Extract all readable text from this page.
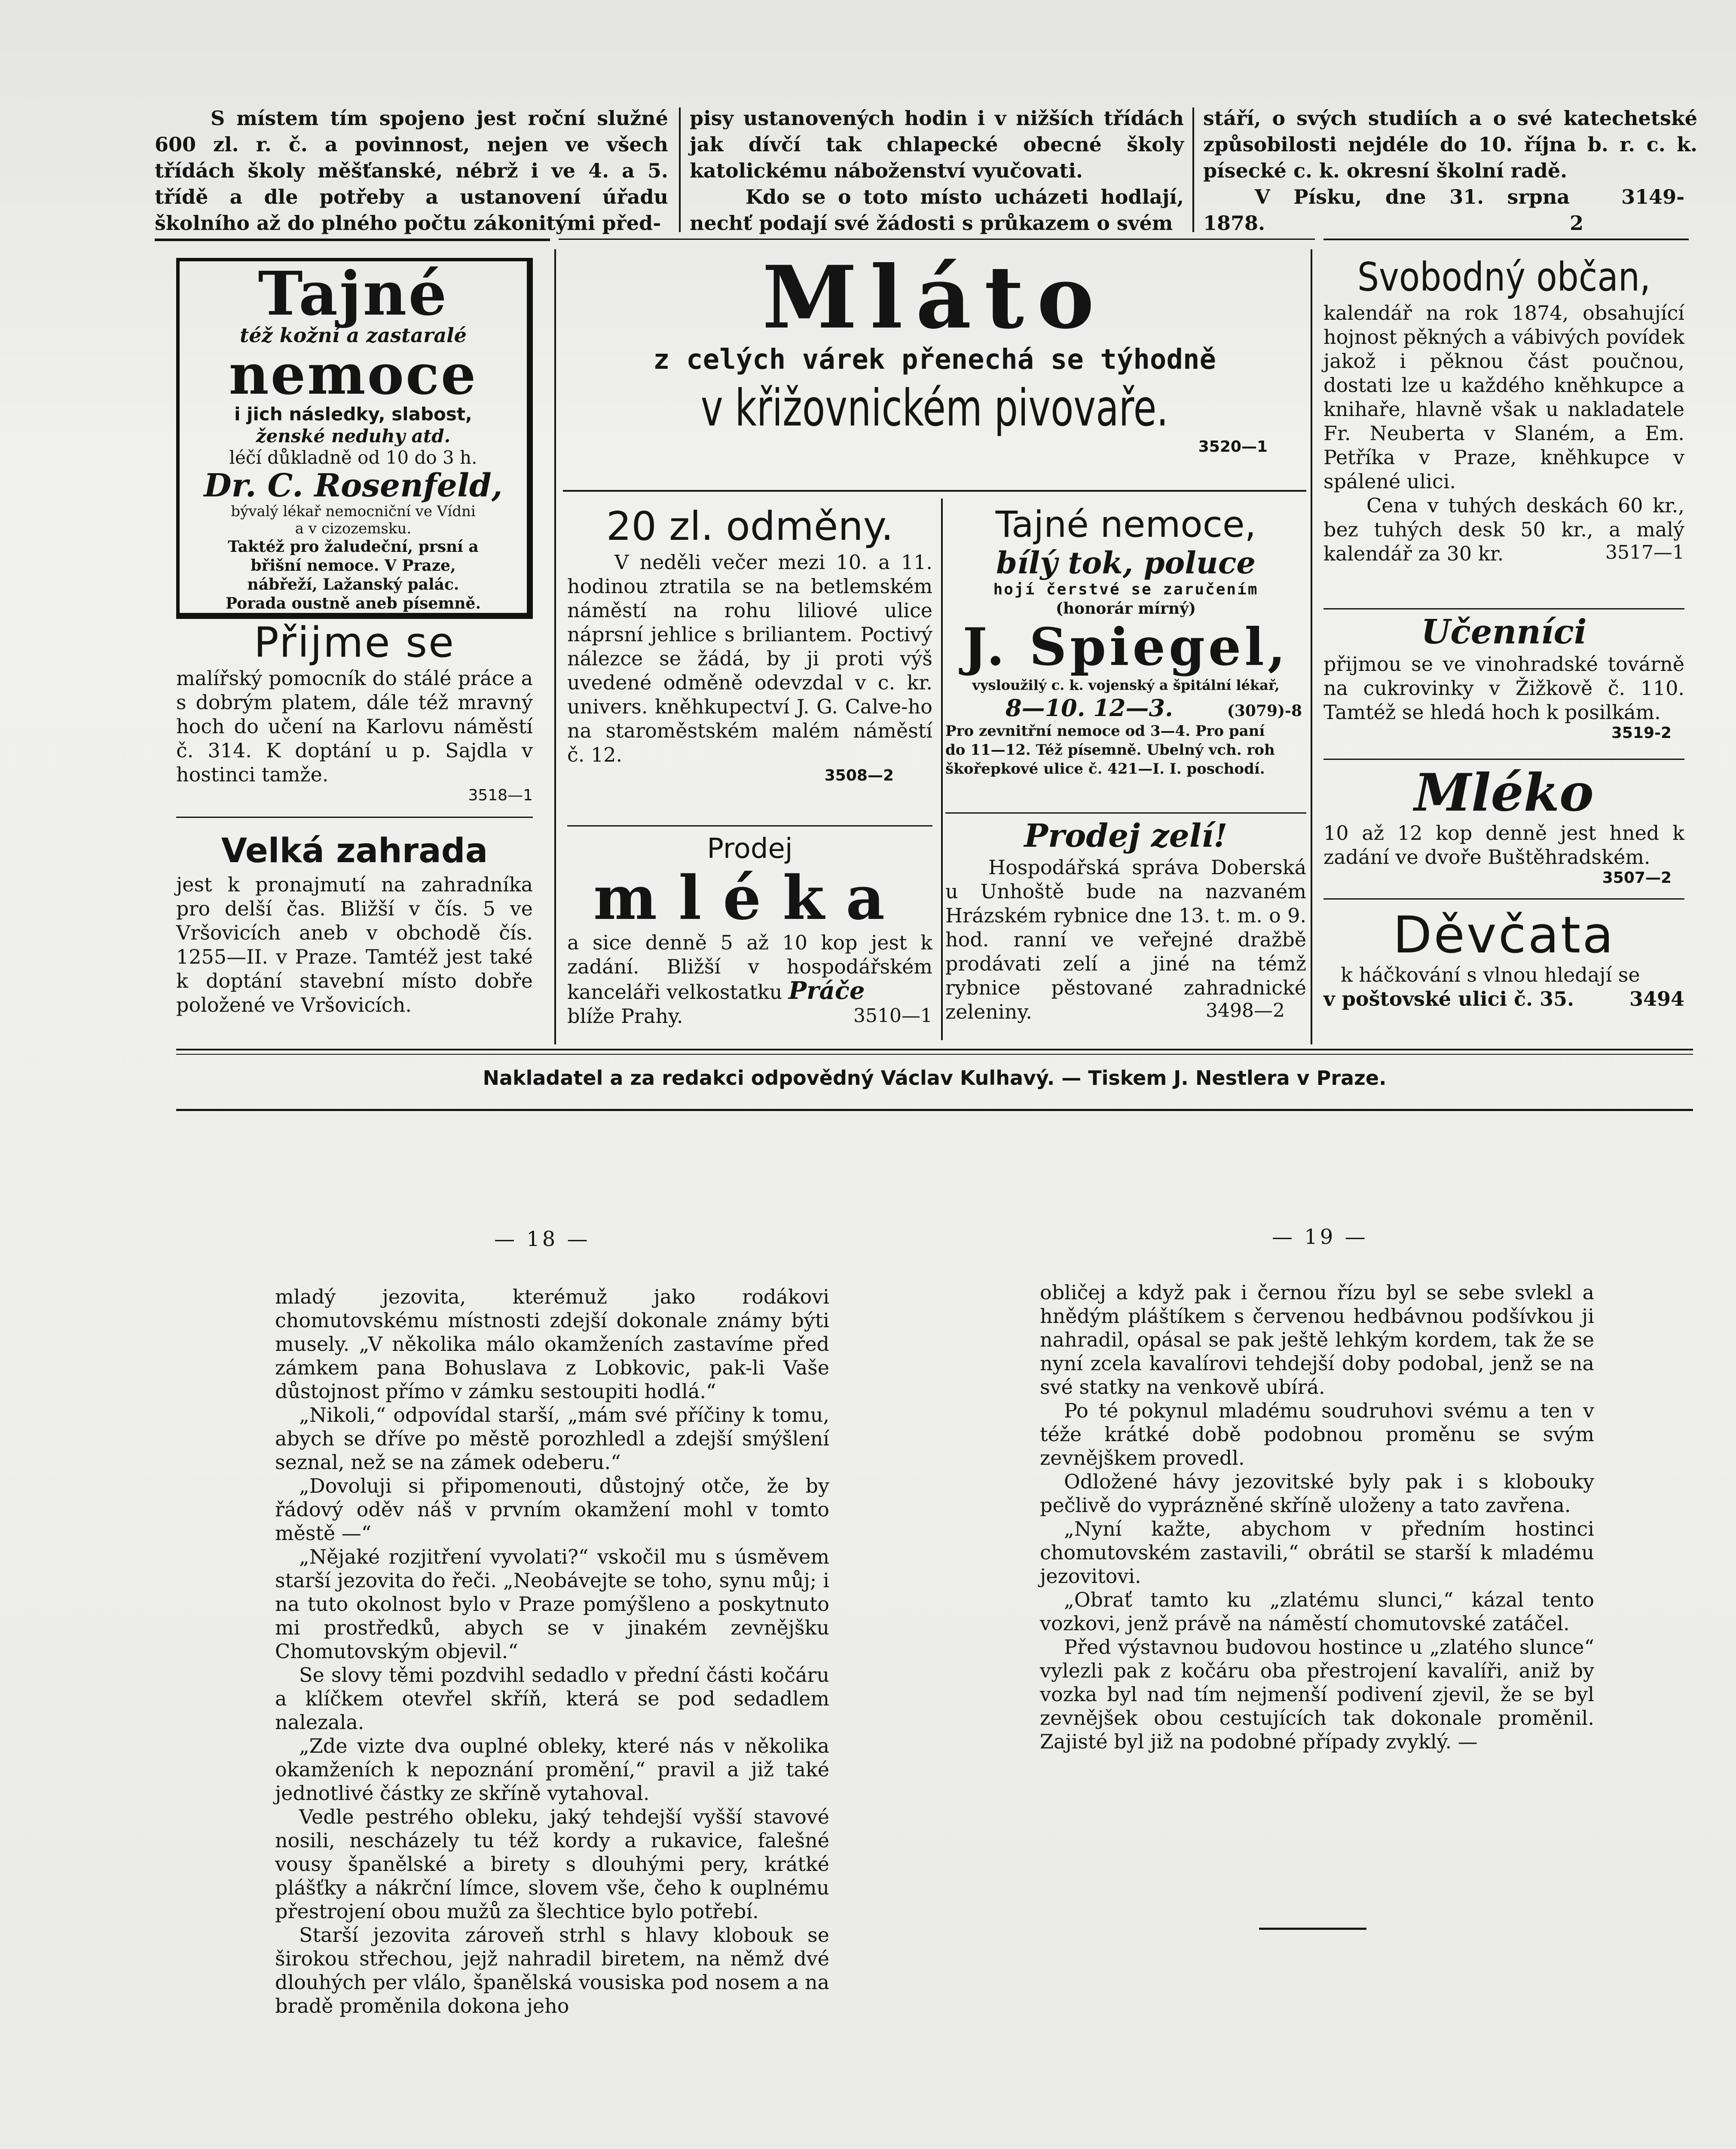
S místem tím spojeno jest roční služné 600 zl. r. č. a povinnost, nejen ve všech třídách školy měšťanské, nébrž i ve 4. a 5. třídě a dle potřeby a ustanovení úřadu školního až do plného počtu zákonitými před-

pisy ustanovených hodin i v nižších třídách jak dívčí tak chlapecké obecné školy katolickému náboženství vyučovati.

Kdo se o toto místo ucházeti hodlají, nechť podají své žádosti s průkazem o svém

stáří, o svých studiích a o své katechetské způsobilosti nejdéle do 10. října b. r. c. k. písecké c. k. okresní školní radě.

V Písku, dne 31. srpna 1878.
3149-2

Tajné
též kožní a zastaralé
nemoce
i jich následky, slabost,
ženské neduhy atd.
léčí důkladně od 10 do 3 h.
Dr. C. Rosenfeld,
bývalý lékař nemocniční ve Vídni
a v cizozemsku.
Taktéž pro žaludeční, prsní a
břišní nemoce. V Praze,
nábřeží, Lažanský palác.
Porada oustně aneb písemně.
Přijme se

malířský pomocník do stálé práce a s dobrým platem, dále též mravný hoch do učení na Karlovu náměstí č. 314. K doptání u p. Sajdla v hostinci tamže.

3518—1
Velká zahrada

jest k pronajmutí na zahradníka pro delší čas. Bližší v čís. 5 ve Vršovicích aneb v obchodě čís. 1255—II. v Praze. Tamtéž jest také k doptání stavební místo dobře položené ve Vršovicích.

Mláto
z celých várek přenechá se týhodně
v křižovnickém pivovaře.
3520—1
20 zl. odměny.

V neděli večer mezi 10. a 11. hodinou ztratila se na betlemském náměstí na rohu liliové ulice náprsní jehlice s briliantem. Poctivý nálezce se žádá, by ji proti výš uvedené odměně odevzdal v c. kr. univers. kněhkupectví J. G. Calve-ho na staroměstském malém náměstí č. 12.

3508—2
Prodej
mléka

a sice denně 5 až 10 kop jest k zadání. Bližší v hospodářském kanceláři velkostatku Práče

blíže Prahy.	3510—1
Tajné nemoce,
bílý tok, poluce
hojí čerstvé se zaručením
(honorár mírný)
J. Spiegel,
vysloužilý c. k. vojenský a špitální lékař,
8—10. 12—3.	(3079)-8
Pro zevnitřní nemoce od 3—4. Pro paní
do 11—12. Též písemně. Ubelný vch. roh
škořepkové ulice č. 421—I. I. poschodí.
Prodej zelí!

Hospodářská správa Doberská u Unhoště bude na nazvaném Hrázském rybnice dne 13. t. m. o 9. hod. ranní ve veřejné dražbě prodávati zelí a jiné na témž rybnice pěstované zahradnické zeleniny.	3498—2
Svobodný občan,

kalendář na rok 1874, obsahující hojnost pěkných a vábivých povídek jakož i pěknou část poučnou, dostati lze u každého kněhkupce a knihaře, hlavně však u nakladatele Fr. Neuberta v Slaném, a Em. Petříka v Praze, kněhkupce v spálené ulici.

Cena v tuhých deskách 60 kr., bez tuhých desk 50 kr., a malý kalendář za 30 kr.	3517—1
Učenníci

přijmou se ve vinohradské továrně na cukrovinky v Žižkově č. 110. Tamtéž se hledá hoch k posilkám.

3519-2
Mléko

10 až 12 kop denně jest hned k zadání ve dvoře Buštěhradském.

3507—2
Děvčata

k háčkování s vlnou hledají se

v poštovské ulici č. 35.	3494
Nakladatel a za redakci odpovědný Václav Kulhavý. — Tiskem J. Nestlera v Praze.
— 18 —	— 19 —

mladý jezovita, kterémuž jako rodákovi chomutovskému místnosti zdejší dokonale známy býti musely. „V několika málo okamženích zastavíme před zámkem pana Bohuslava z Lobkovic, pak-li Vaše důstojnost přímo v zámku sestoupiti hodlá.“

„Nikoli,“ odpovídal starší, „mám své příčiny k tomu, abych se dříve po městě porozhledl a zdejší smýšlení seznal, než se na zámek odeberu.“

„Dovoluji si připomenouti, důstojný otče, že by řádový oděv náš v prvním okamžení mohl v tomto městě —“

„Nějaké rozjitření vyvolati?“ vskočil mu s úsměvem starší jezovita do řeči. „Neobávejte se toho, synu můj; i na tuto okolnost bylo v Praze pomýšleno a poskytnuto mi prostředků, abych se v jinakém zevnějšku Chomutovským objevil.“

Se slovy těmi pozdvihl sedadlo v přední části kočáru a klíčkem otevřel skříň, která se pod sedadlem nalezala.

„Zde vizte dva ouplné obleky, které nás v několika okamženích k nepoznání promění,“ pravil a již také jednotlivé částky ze skříně vytahoval.

Vedle pestrého obleku, jaký tehdejší vyšší stavové nosili, nescházely tu též kordy a rukavice, falešné vousy španělské a birety s dlouhými pery, krátké plášťky a nákrční límce, slovem vše, čeho k ouplnému přestrojení obou mužů za šlechtice bylo potřebí.

Starší jezovita zároveň strhl s hlavy klobouk se širokou střechou, jejž nahradil biretem, na němž dvé dlouhých per vlálo, španělská vousiska pod nosem a na bradě proměnila dokona jeho

obličej a když pak i černou řízu byl se sebe svlekl a hnědým pláštíkem s červenou hedbávnou podšívkou ji nahradil, opásal se pak ještě lehkým kordem, tak že se nyní zcela kavalírovi tehdejší doby podobal, jenž se na své statky na venkově ubírá.

Po té pokynul mladému soudruhovi svému a ten v téže krátké době podobnou proměnu se svým zevnějškem provedl.

Odložené hávy jezovitské byly pak i s klobouky pečlivě do vyprázněné skříně uloženy a tato zavřena.

„Nyní kažte, abychom v předním hostinci chomutovském zastavili,“ obrátil se starší k mladému jezovitovi.

„Obrať tamto ku „zlatému slunci,“ kázal tento vozkovi, jenž právě na náměstí chomutovské zatáčel.

Před výstavnou budovou hostince u „zlatého slunce“ vylezli pak z kočáru oba přestrojení kavalíři, aniž by vozka byl nad tím nejmenší podivení zjevil, že se byl zevnějšek obou cestujících tak dokonale proměnil. Zajisté byl již na podobné případy zvyklý. —
